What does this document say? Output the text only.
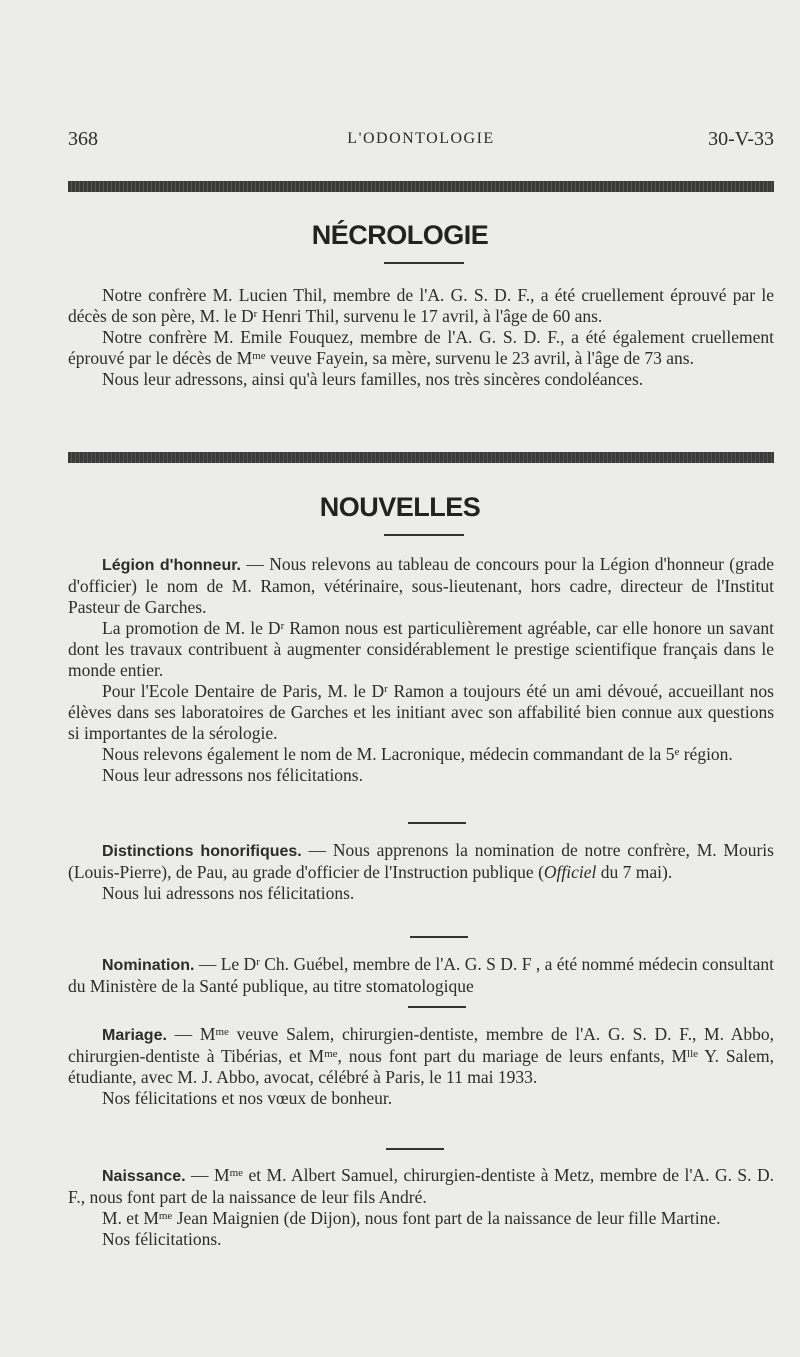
368	L'ODONTOLOGIE	30-V-33
NÉCROLOGIE

Notre confrère M. Lucien Thil, membre de l'A. G. S. D. F., a été cruellement éprouvé par le décès de son père, M. le $D^r$ Henri Thil, survenu le 17 avril, à l'âge de 60 ans.

Notre confrère M. Emile Fouquez, membre de l'A. G. S. D. F., a été également cruellement éprouvé par le décès de $M^{me}$ veuve Fayein, sa mère, survenu le 23 avril, à l'âge de 73 ans.

Nous leur adressons, ainsi qu'à leurs familles, nos très sincères condoléances.

NOUVELLES

Légion d'honneur. — Nous relevons au tableau de concours pour la Légion d'honneur (grade d'officier) le nom de M. Ramon, vétérinaire, sous-lieutenant, hors cadre, directeur de l'Institut Pasteur de Garches.

La promotion de M. le $D^r$ Ramon nous est particulièrement agréable, car elle honore un savant dont les travaux contribuent à augmenter considérablement le prestige scientifique français dans le monde entier.

Pour l'Ecole Dentaire de Paris, M. le $D^r$ Ramon a toujours été un ami dévoué, accueillant nos élèves dans ses laboratoires de Garches et les initiant avec son affabilité bien connue aux questions si importantes de la sérologie.

Nous relevons également le nom de M. Lacronique, médecin commandant de la 5e région.

Nous leur adressons nos félicitations.

Distinctions honorifiques. — Nous apprenons la nomination de notre confrère, M. Mouris (Louis-Pierre), de Pau, au grade d'officier de l'Instruction publique (Officiel du 7 mai).

Nous lui adressons nos félicitations.

Nomination. — Le $D^r$ Ch. Guébel, membre de l'A. G. S D. F , a été nommé médecin consultant du Ministère de la Santé publique, au titre stomatologique

Mariage. — $M^{me}$ veuve Salem, chirurgien-dentiste, membre de l'A. G. S. D. F., M. Abbo, chirurgien-dentiste à Tibérias, et $M^{me}$, nous font part du mariage de leurs enfants, $M^{lle}$ Y. Salem, étudiante, avec M. J. Abbo, avocat, célébré à Paris, le 11 mai 1933.

Nos félicitations et nos vœux de bonheur.

Naissance. — $M^{me}$ et M. Albert Samuel, chirurgien-dentiste à Metz, membre de l'A. G. S. D. F., nous font part de la naissance de leur fils André.

M. et $M^{me}$ Jean Maignien (de Dijon), nous font part de la naissance de leur fille Martine.

Nos félicitations.
